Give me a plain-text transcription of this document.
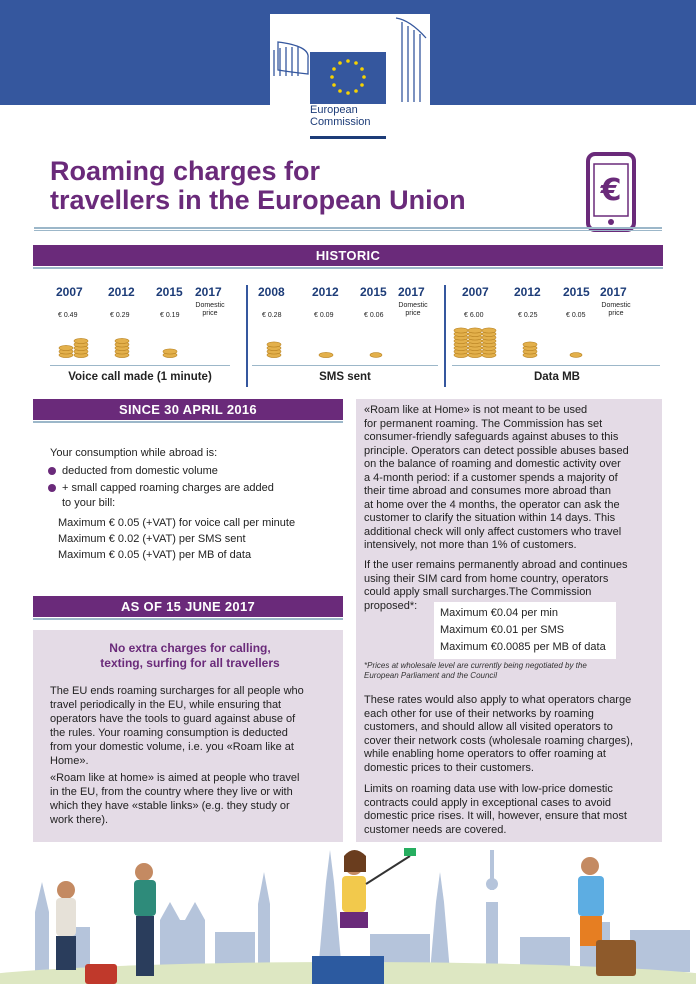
European
Commission
Roaming charges for
travellers in the European Union	€
HISTORIC
2007 2012 2015 2017
€ 0.49	€ 0.29	€ 0.19
Domestic price
Voice call made (1 minute)
2008 2012 2015 2017
€ 0.28	€ 0.09	€ 0.06
Domestic price
SMS sent
2007 2012 2015 2017
€ 6.00	€ 0.25	€ 0.05
Domestic price
Data MB
SINCE 30 APRIL 2016
Your consumption while abroad is:
deducted from domestic volume
+ small capped roaming charges are added
to your bill:
Maximum € 0.05 (+VAT) for voice call per minute
Maximum € 0.02 (+VAT) per SMS sent
Maximum € 0.05 (+VAT) per MB of data
AS OF 15 JUNE 2017
No extra charges for calling,
texting, surfing for all travellers
The EU ends roaming surcharges for all people who
travel periodically in the EU, while ensuring that
operators have the tools to guard against abuse of
the rules. Your roaming consumption is deducted
from your domestic volume, i.e. you «Roam like at
Home».
«Roam like at home» is aimed at people who travel
in the EU, from the country where they live or with
which they have «stable links» (e.g. they study or
work there).
«Roam like at Home» is not meant to be used
for permanent roaming. The Commission has set
consumer-friendly safeguards against abuses to this
principle. Operators can detect possible abuses based
on the balance of roaming and domestic activity over
a 4-month period: if a customer spends a majority of
their time abroad and consumes more abroad than
at home over the 4 months, the operator can ask the
customer to clarify the situation within 14 days. This
additional check will only affect customers who travel
intensively, not more than 1% of customers.
If the user remains permanently abroad and continues
using their SIM card from home country, operators
could apply small surcharges.The Commission
proposed*:
Maximum €0.04 per min
Maximum €0.01 per SMS
Maximum €0.0085 per MB of data
*Prices at wholesale level are currently being negotiated by the
European Parliament and the Council
These rates would also apply to what operators charge
each other for use of their networks by roaming
customers, and should allow all visited operators to
cover their network costs (wholesale roaming charges),
while enabling home operators to offer roaming at
domestic prices to their customers.
Limits on roaming data use with low-price domestic
contracts could apply in exceptional cases to avoid
domestic price rises. It will, however, ensure that most
customer needs are covered.
